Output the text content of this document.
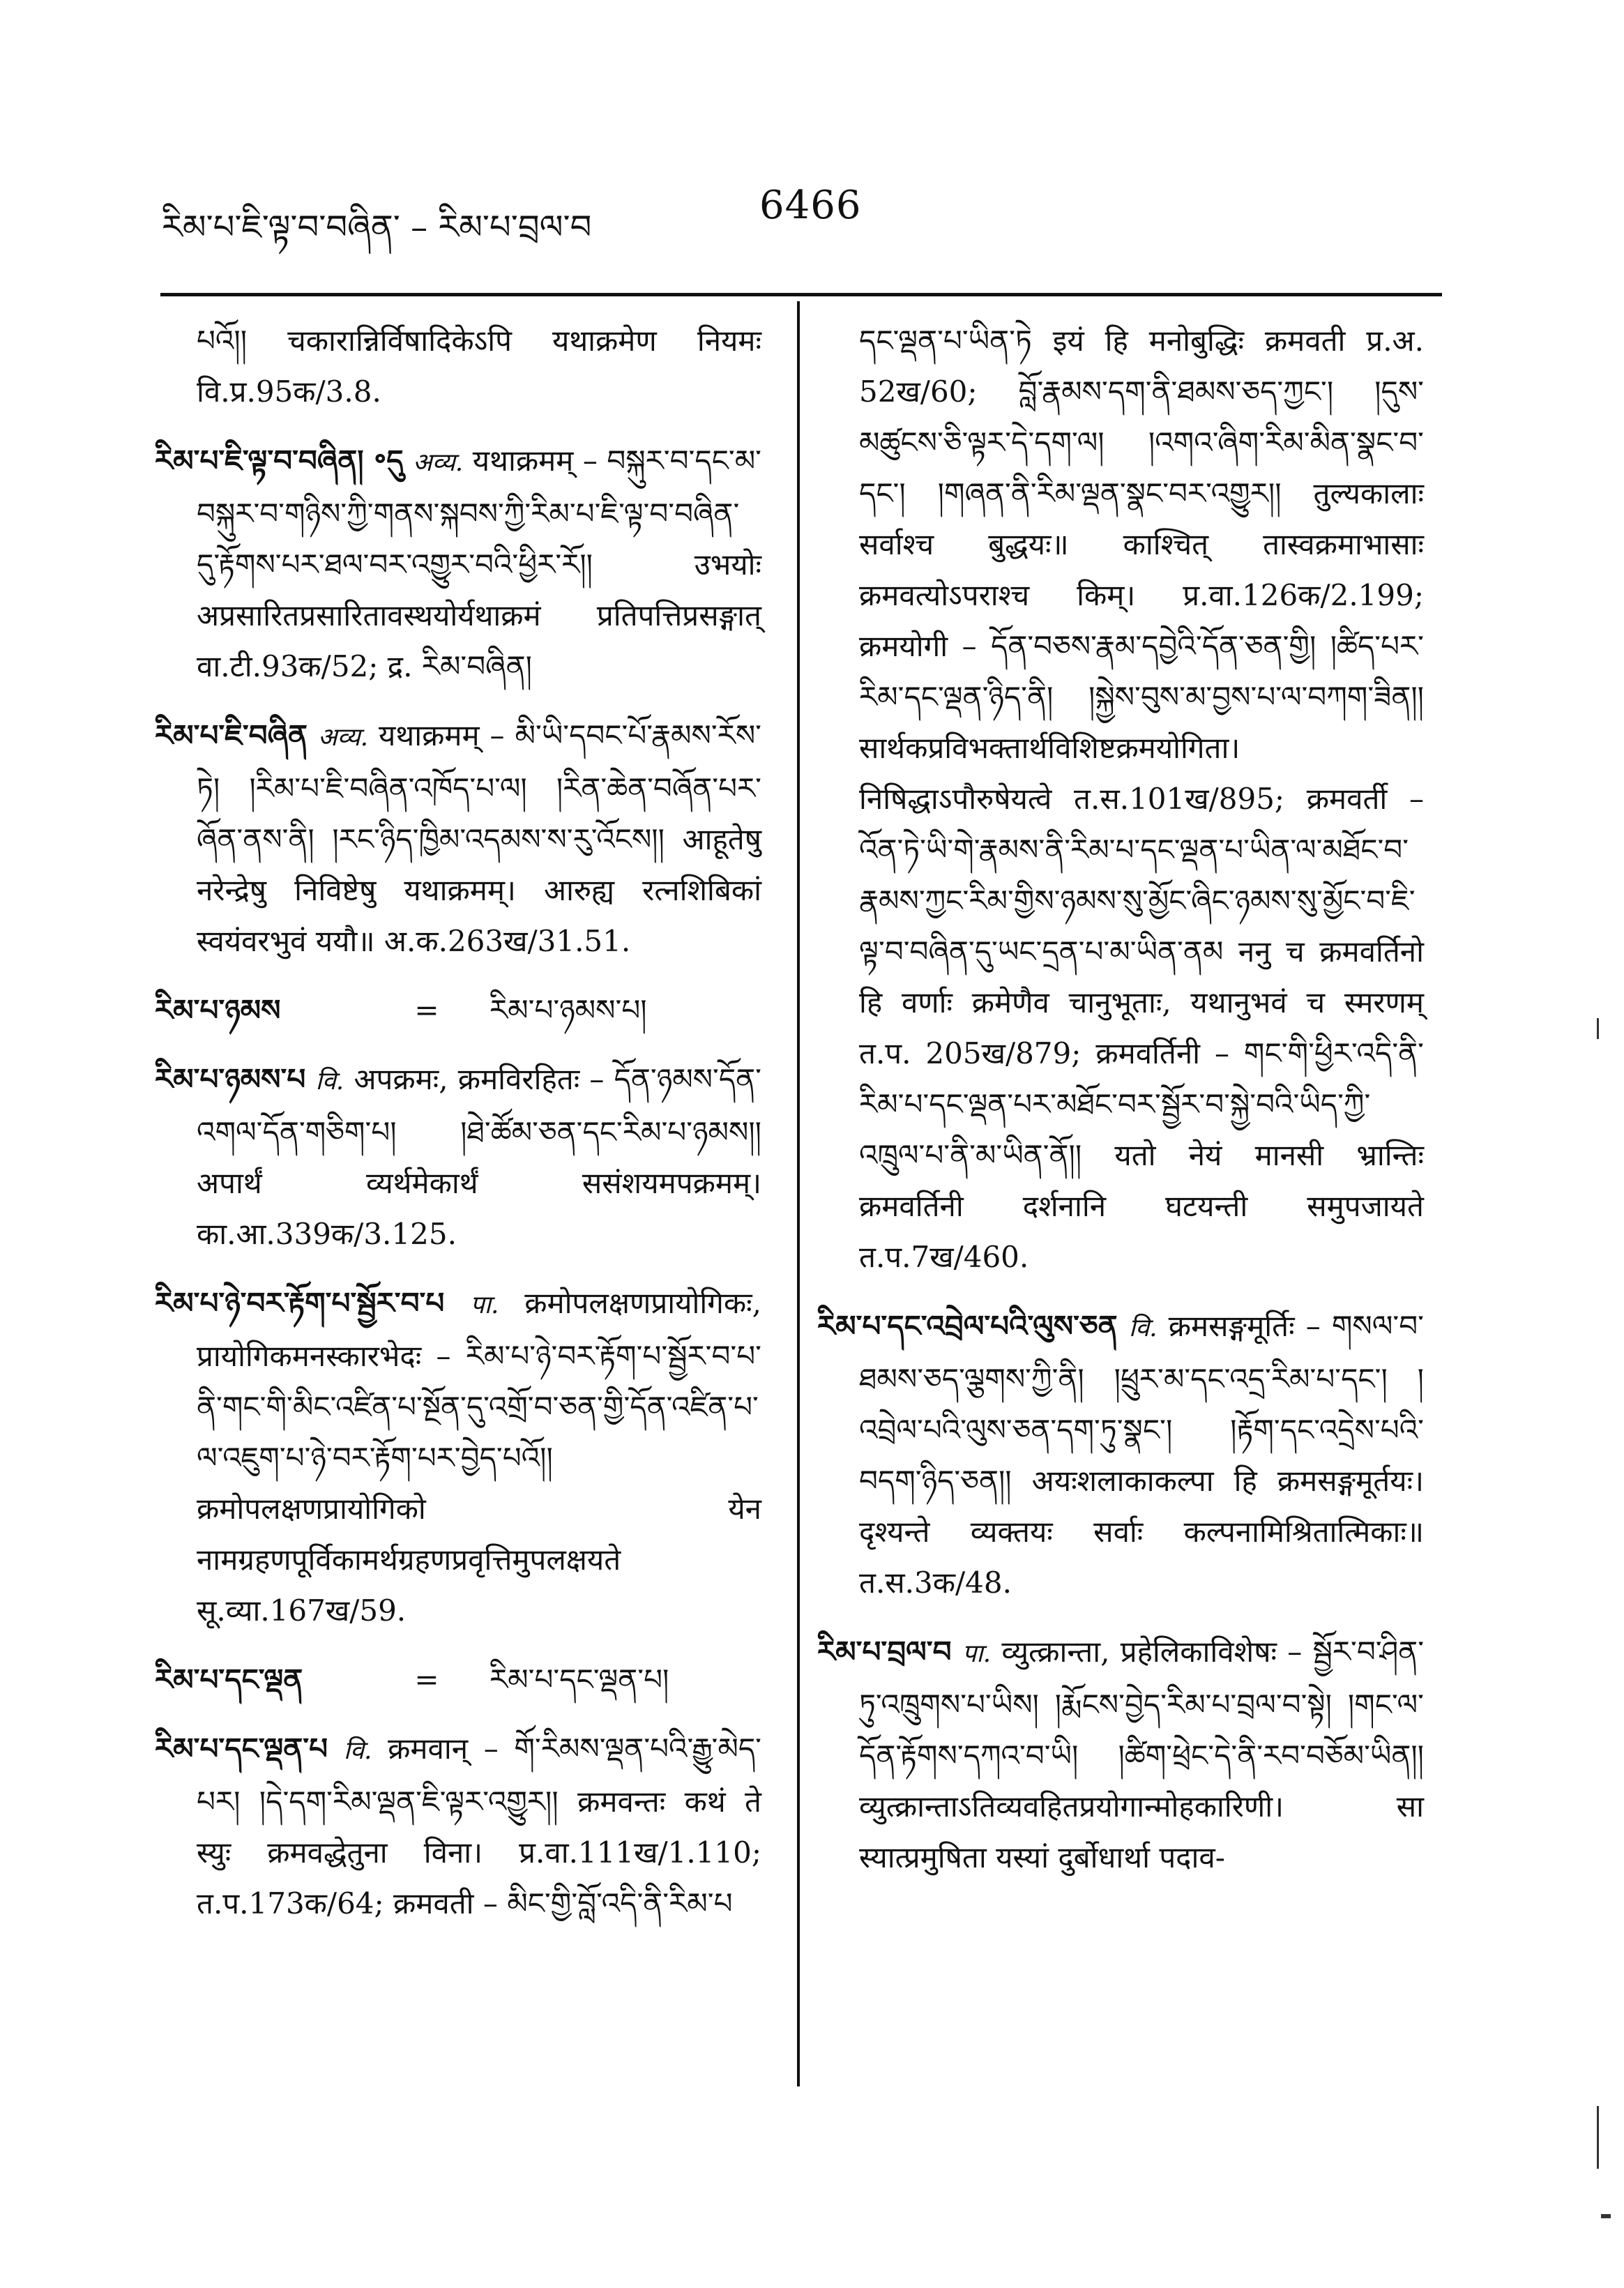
རིམ་པ་ཇི་ལྟ་བ་བཞིན་ – རིམ་པ་བྲལ་བ	6466
པའོ།། चकारान्निर्विषादिकेऽपि यथाक्रमेण नियमः वि.प्र.95क/3.8.
རིམ་པ་ཇི་ལྟ་བ་བཞིན། ॰དུ अव्य. यथाक्रमम् – བསྐུར་བ་དང་མ་བསྐུར་བ་གཉིས་ཀྱི་གནས་སྐབས་ཀྱི་རིམ་པ་ཇི་ལྟ་བ་བཞིན་དུ་རྟོགས་པར་ཐལ་བར་འགྱུར་བའི་ཕྱིར་རོ།། उभयोः अप्रसारितप्रसारितावस्थयोर्यथाक्रमं प्रतिपत्तिप्रसङ्गात् वा.टी.93क/52; द्र. རིམ་བཞིན།
རིམ་པ་ཇི་བཞིན अव्य. यथाक्रमम् – མི་ཡི་དབང་པོ་རྣམས་རོས་ཏེ། །རིམ་པ་ཇི་བཞིན་འཁོད་པ་ལ། །རིན་ཆེན་བཞོན་པར་ཞོན་ནས་ནི། །རང་ཉིད་ཁྱིམ་འདམས་ས་རུ་འོངས།། आहूतेषु नरेन्द्रेषु निविष्टेषु यथाक्रमम्। आरुह्य रत्नशिबिकां स्वयंवरभुवं ययौ॥ अ.क.263ख/31.51.
རིམ་པ་ཉམས	= རིམ་པ་ཉམས་པ།
རིམ་པ་ཉམས་པ वि. अपक्रमः, क्रमविरहितः – དོན་ཉམས་དོན་འགལ་དོན་གཅིག་པ། །ཐེ་ཚོམ་ཅན་དང་རིམ་པ་ཉམས།། अपार्थं व्यर्थमेकार्थं ससंशयमपक्रमम्। का.आ.339क/3.125.
རིམ་པ་ཉེ་བར་རྟོག་པ་སྦྱོར་བ་པ पा. क्रमोपलक्षणप्रायोगिकः, प्रायोगिकमनस्कारभेदः – རིམ་པ་ཉེ་བར་རྟོག་པ་སྦྱོར་བ་པ་ནི་གང་གི་མིང་འཛིན་པ་སྔོན་དུ་འགྲོ་བ་ཅན་གྱི་དོན་འཛིན་པ་ལ་འཇུག་པ་ཉེ་བར་རྟོག་པར་བྱེད་པའོ།། क्रमोपलक्षणप्रायोगिको येन नामग्रहणपूर्विकामर्थग्रहणप्रवृत्तिमुपलक्षयते सू.व्या.167ख/59.
རིམ་པ་དང་ལྡན	= རིམ་པ་དང་ལྡན་པ།
རིམ་པ་དང་ལྡན་པ वि. क्रमवान् – གོ་རིམས་ལྡན་པའི་རྒྱུ་མེད་པར། །དེ་དག་རིམ་ལྡན་ཇི་ལྟར་འགྱུར།། क्रमवन्तः कथं ते स्युः क्रमवद्धेतुना विना। प्र.वा.111ख/1.110; त.प.173क/64; क्रमवती – མིང་གྱི་བློ་འདི་ནི་རིམ་པ
དང་ལྡན་པ་ཡིན་ཏེ इयं हि मनोबुद्धिः क्रमवती प्र.अ. 52ख/60; བློ་རྣམས་དག་ནི་ཐམས་ཅད་ཀྱང་། །དུས་མཚུངས་ཅི་ལྟར་དེ་དག་ལ། །འགའ་ཞིག་རིམ་མིན་སྣང་བ་དང་། །གཞན་ནི་རིམ་ལྡན་སྣང་བར་འགྱུར།། तुल्यकालाः सर्वाश्च बुद्धयः॥ काश्चित् तास्वक्रमाभासाः क्रमवत्योऽपराश्च किम्। प्र.वा.126क/2.199; क्रमयोगी – དོན་བཅས་རྣམ་དབྱེའི་དོན་ཅན་གྱི། །ཚིད་པར་རིམ་དང་ལྡན་ཉིད་ནི། །སྐྱེས་བུས་མ་བྱས་པ་ལ་བཀག་ཟིན།། सार्थकप्रविभक्तार्थविशिष्टक्रमयोगिता। निषिद्धाऽपौरुषेयत्वे त.स.101ख/895; क्रमवर्ती – འོན་ཏེ་ཡི་གེ་རྣམས་ནི་རིམ་པ་དང་ལྡན་པ་ཡིན་ལ་མཐོང་བ་རྣམས་ཀྱང་རིམ་གྱིས་ཉམས་སུ་མྱོང་ཞིང་ཉམས་སུ་མྱོང་བ་ཇི་ལྟ་བ་བཞིན་དུ་ཡང་དྲན་པ་མ་ཡིན་ནམ ननु च क्रमवर्तिनो हि वर्णाः क्रमेणैव चानुभूताः, यथानुभवं च स्मरणम् त.प. 205ख/879; क्रमवर्तिनी – གང་གི་ཕྱིར་འདི་ནི་རིམ་པ་དང་ལྡན་པར་མཐོང་བར་སྦྱོར་བ་སྐྱེ་བའི་ཡིད་ཀྱི་འཁྲུལ་པ་ནི་མ་ཡིན་ནོ།། यतो नेयं मानसी भ्रान्तिः क्रमवर्तिनी दर्शनानि घटयन्ती समुपजायते त.प.7ख/460.
རིམ་པ་དང་འབྲེལ་པའི་ལུས་ཅན वि. क्रमसङ्गमूर्तिः – གསལ་བ་ཐམས་ཅད་ལྕགས་ཀྱི་ནི། །ཕྲུར་མ་དང་འདྲ་རིམ་པ་དང་། །འབྲེལ་པའི་ལུས་ཅན་དག་ཏུ་སྣང་། །རྟོག་དང་འདྲེས་པའི་བདག་ཉིད་ཅན།། अयःशलाकाकल्पा हि क्रमसङ्गमूर्तयः। दृश्यन्ते व्यक्तयः सर्वाः कल्पनामिश्रितात्मिकाः॥ त.स.3क/48.
རིམ་པ་བྲལ་བ पा. व्युत्क्रान्ता, प्रहेलिकाविशेषः – སྦྱོར་བ་ཤིན་ཏུ་འཁྲུགས་པ་ཡིས། །རྨོངས་བྱེད་རིམ་པ་བྲལ་བ་སྟེ། །གང་ལ་དོན་རྟོགས་དཀའ་བ་ཡི། །ཚིག་ཕྲེང་དེ་ནི་རབ་བཅོམ་ཡིན།། व्युत्क्रान्ताऽतिव्यवहितप्रयोगान्मोहकारिणी। सा स्यात्प्रमुषिता यस्यां दुर्बोधार्था पदाव-
